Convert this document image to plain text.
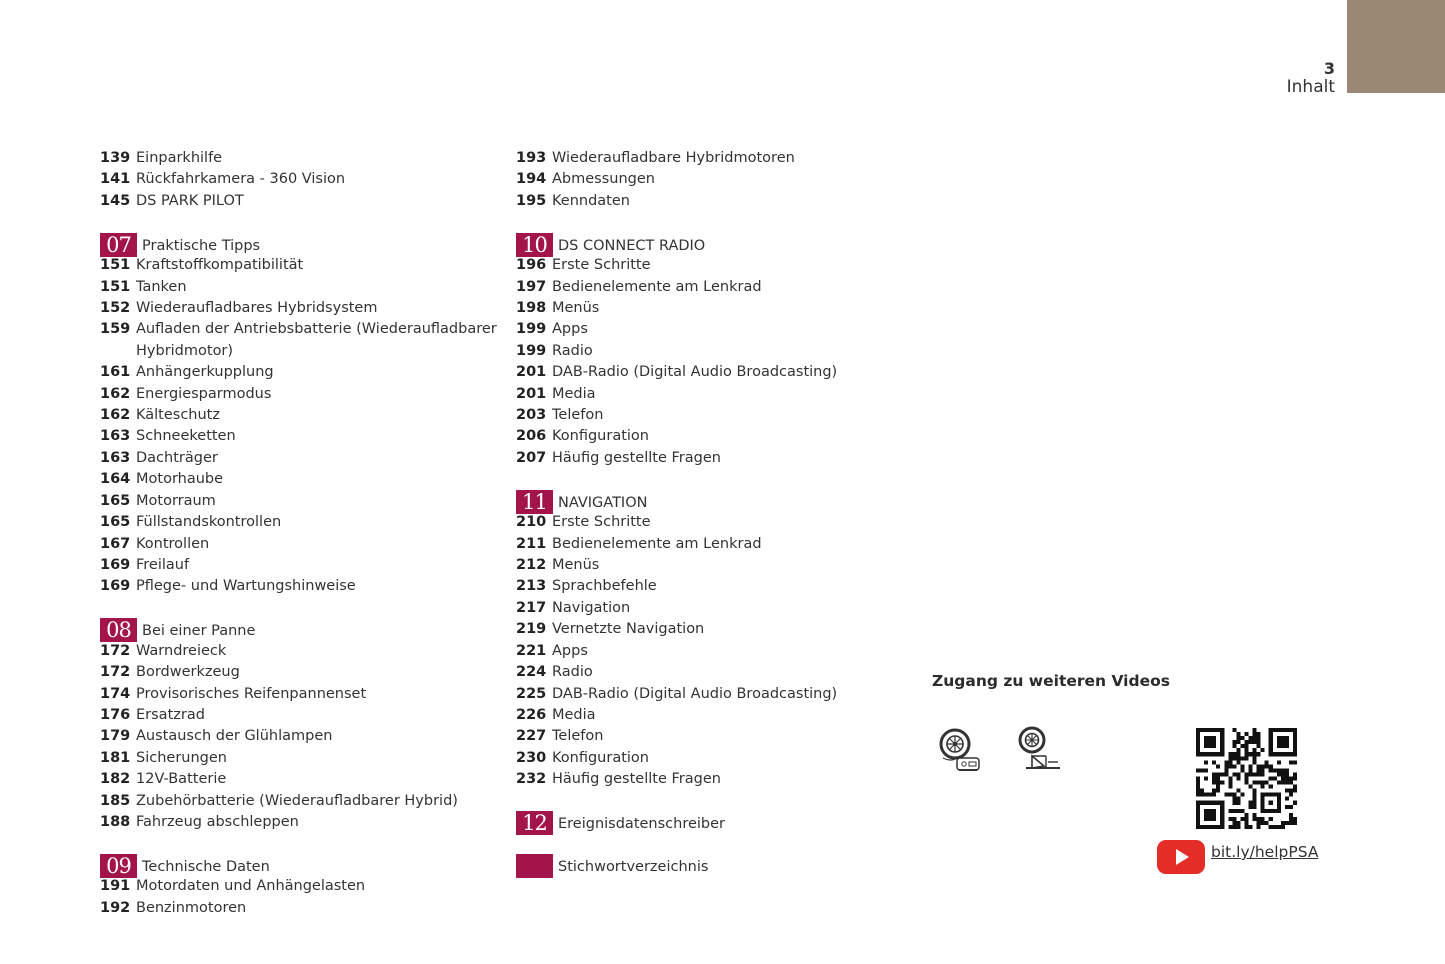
3
Inhalt
139 Einparkhilfe
141 Rückfahrkamera - 360 Vision
145 DS PARK PILOT
07 Praktische Tipps
151 Kraftstoffkompatibilität
151 Tanken
152 Wiederaufladbares Hybridsystem
159 Aufladen der Antriebsbatterie (Wiederaufladbarer
Hybridmotor)
161 Anhängerkupplung
162 Energiesparmodus
162 Kälteschutz
163 Schneeketten
163 Dachträger
164 Motorhaube
165 Motorraum
165 Füllstandskontrollen
167 Kontrollen
169 Freilauf
169 Pflege- und Wartungshinweise
08 Bei einer Panne
172 Warndreieck
172 Bordwerkzeug
174 Provisorisches Reifenpannenset
176 Ersatzrad
179 Austausch der Glühlampen
181 Sicherungen
182 12V-Batterie
185 Zubehörbatterie (Wiederaufladbarer Hybrid)
188 Fahrzeug abschleppen
09 Technische Daten
191 Motordaten und Anhängelasten
192 Benzinmotoren
193 Wiederaufladbare Hybridmotoren
194 Abmessungen
195 Kenndaten
10 DS CONNECT RADIO
196 Erste Schritte
197 Bedienelemente am Lenkrad
198 Menüs
199 Apps
199 Radio
201 DAB-Radio (Digital Audio Broadcasting)
201 Media
203 Telefon
206 Konfiguration
207 Häufig gestellte Fragen
11 NAVIGATION
210 Erste Schritte
211 Bedienelemente am Lenkrad
212 Menüs
213 Sprachbefehle
217 Navigation
219 Vernetzte Navigation
221 Apps
224 Radio
225 DAB-Radio (Digital Audio Broadcasting)
226 Media
227 Telefon
230 Konfiguration
232 Häufig gestellte Fragen
12 Ereignisdatenschreiber
Stichwortverzeichnis
Zugang zu weiteren Videos
bit.ly/helpPSA
